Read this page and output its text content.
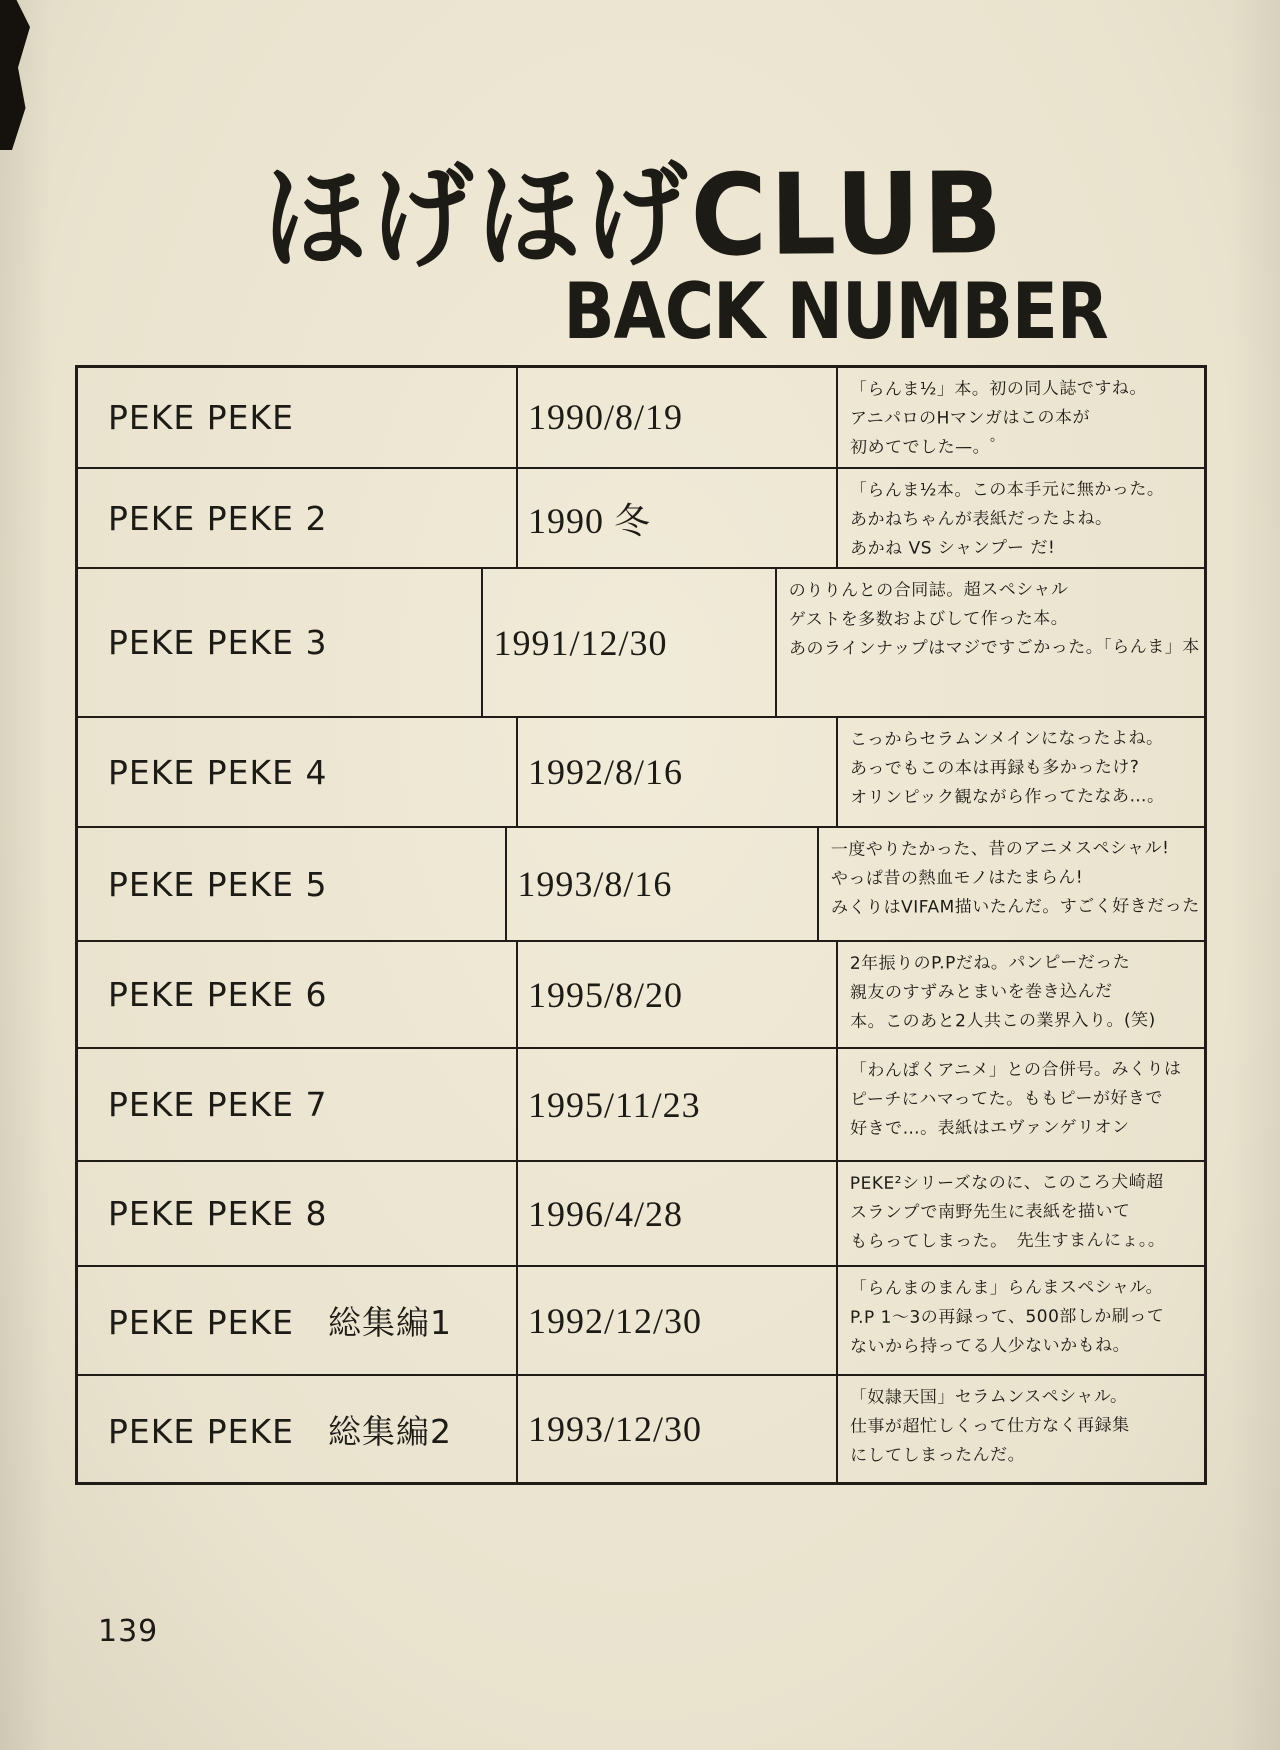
ほげほげCLUB
BACK NUMBER
PEKE PEKE	1990/8/19
「らんま½」本。初の同人誌ですね。
アニパロのHマンガはこの本が
初めてでした—。゜
PEKE PEKE 2	1990 冬
「らんま½本。この本手元に無かった。
あかねちゃんが表紙だったよね。
あかね VS シャンプー だ!
PEKE PEKE 3	1991/12/30
のりりんとの合同誌。超スペシャル
ゲストを多数およびして作った本。
あのラインナップはマジですごかった。「らんま」本
PEKE PEKE 4	1992/8/16
こっからセラムンメインになったよね。
あっでもこの本は再録も多かったけ?
オリンピック観ながら作ってたなあ…。
PEKE PEKE 5	1993/8/16
一度やりたかった、昔のアニメスペシャル!
やっぱ昔の熱血モノはたまらん!
みくりはVIFAM描いたんだ。すごく好きだった
PEKE PEKE 6	1995/8/20
2年振りのP.Pだね。パンピーだった
親友のすずみとまいを巻き込んだ
本。このあと2人共この業界入り。(笑)
PEKE PEKE 7	1995/11/23
「わんぱくアニメ」との合併号。みくりは
ピーチにハマってた。ももピーが好きで
好きで…。表紙はエヴァンゲリオン
PEKE PEKE 8	1996/4/28
PEKE²シリーズなのに、このころ犬崎超
スランプで南野先生に表紙を描いて
もらってしまった。　先生すまんにょ。。
PEKE PEKE　総集編1	1992/12/30
「らんまのまんま」らんまスペシャル。
P.P 1〜3の再録って、500部しか刷って
ないから持ってる人少ないかもね。
PEKE PEKE　総集編2	1993/12/30
「奴隷天国」セラムンスペシャル。
仕事が超忙しくって仕方なく再録集
にしてしまったんだ。
139
